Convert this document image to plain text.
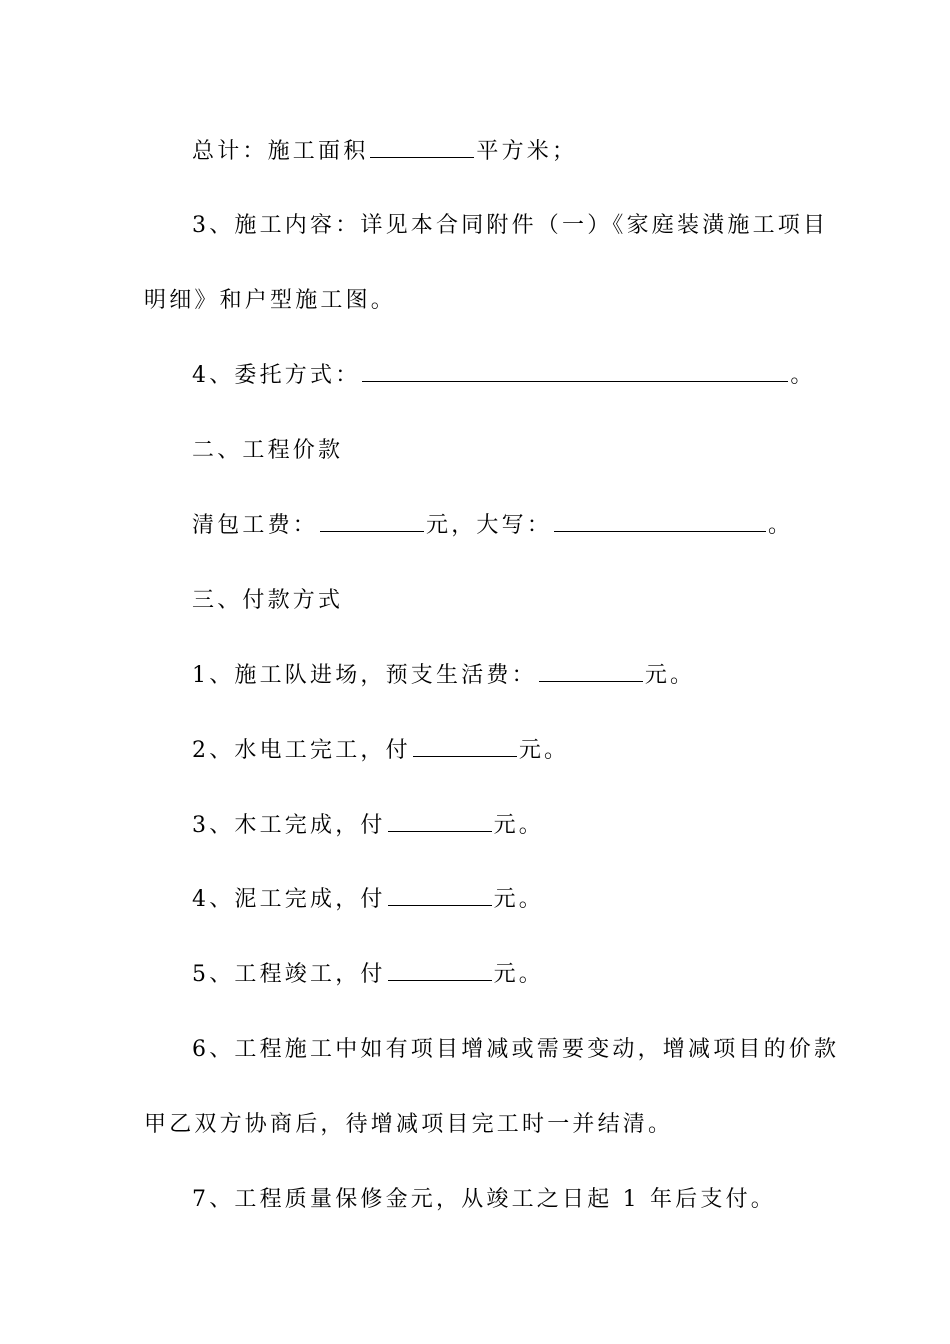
总计：施工面积	平方米；
3、施工内容：详见本合同附件（一）《家庭装潢施工项目
明细》和户型施工图。
4、委托方式：	。
二、工程价款
清包工费：	元，大写：	。
三、付款方式
1、施工队进场，预支生活费：	元。
2、水电工完工，付	元。
3、木工完成，付	元。
4、泥工完成，付	元。
5、工程竣工，付	元。
6、工程施工中如有项目增减或需要变动，增减项目的价款
甲乙双方协商后，待增减项目完工时一并结清。
7、工程质量保修金元，从竣工之日起 1 年后支付。
